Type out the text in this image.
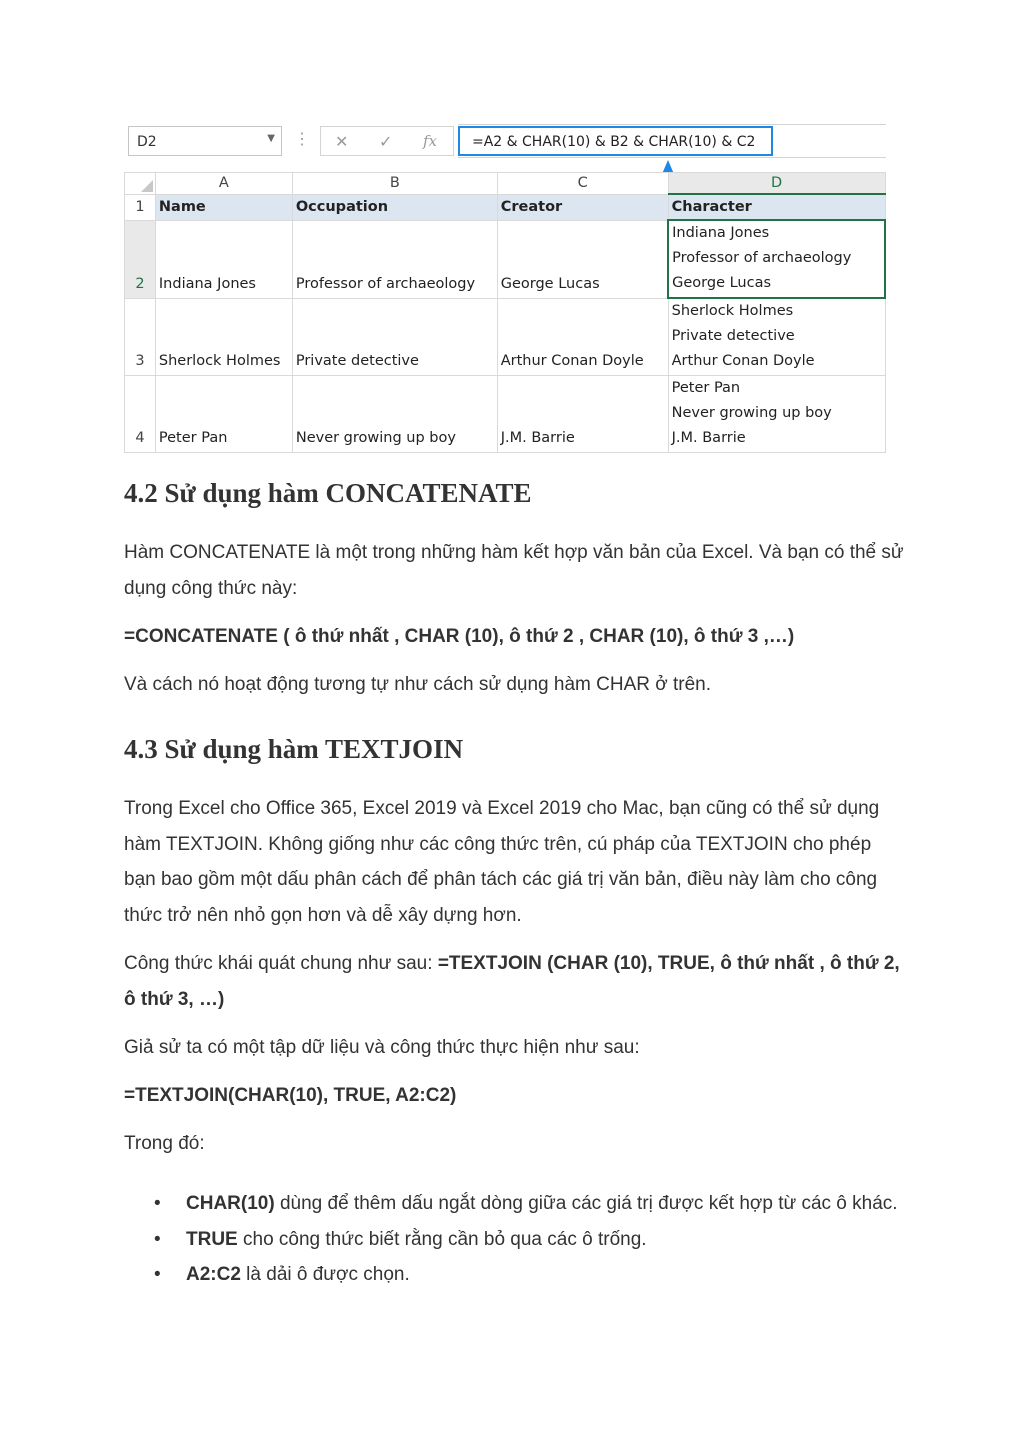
D2	▼ ⋮ ✕ ✓ fx	=A2 & CHAR(10) & B2 & CHAR(10) & C2
	A	B	C	D
1	Name	Occupation	Creator	Character
2	Indiana Jones	Professor of archaeology	George Lucas	Indiana Jones
Professor of archaeology
George Lucas

3	Sherlock Holmes	Private detective	Arthur Conan Doyle	Sherlock Holmes
Private detective
Arthur Conan Doyle

4	Peter Pan	Never growing up boy	J.M. Barrie	Peter Pan
Never growing up boy
J.M. Barrie
4.2 Sử dụng hàm CONCATENATE

Hàm CONCATENATE là một trong những hàm kết hợp văn bản của Excel. Và bạn có thể sử dụng công thức này:

=CONCATENATE ( ô thứ nhất , CHAR (10), ô thứ 2 , CHAR (10), ô thứ 3 ,…)

Và cách nó hoạt động tương tự như cách sử dụng hàm CHAR ở trên.

4.3 Sử dụng hàm TEXTJOIN

Trong Excel cho Office 365, Excel 2019 và Excel 2019 cho Mac, bạn cũng có thể sử dụng hàm TEXTJOIN. Không giống như các công thức trên, cú pháp của TEXTJOIN cho phép bạn bao gồm một dấu phân cách để phân tách các giá trị văn bản, điều này làm cho công thức trở nên nhỏ gọn hơn và dễ xây dựng hơn.

Công thức khái quát chung như sau: =TEXTJOIN (CHAR (10), TRUE, ô thứ nhất , ô thứ 2, ô thứ 3, …)

Giả sử ta có một tập dữ liệu và công thức thực hiện như sau:

=TEXTJOIN(CHAR(10), TRUE, A2:C2)

Trong đó:

• CHAR(10) dùng để thêm dấu ngắt dòng giữa các giá trị được kết hợp từ các ô khác.
• TRUE cho công thức biết rằng cần bỏ qua các ô trống.
• A2:C2 là dải ô được chọn.
